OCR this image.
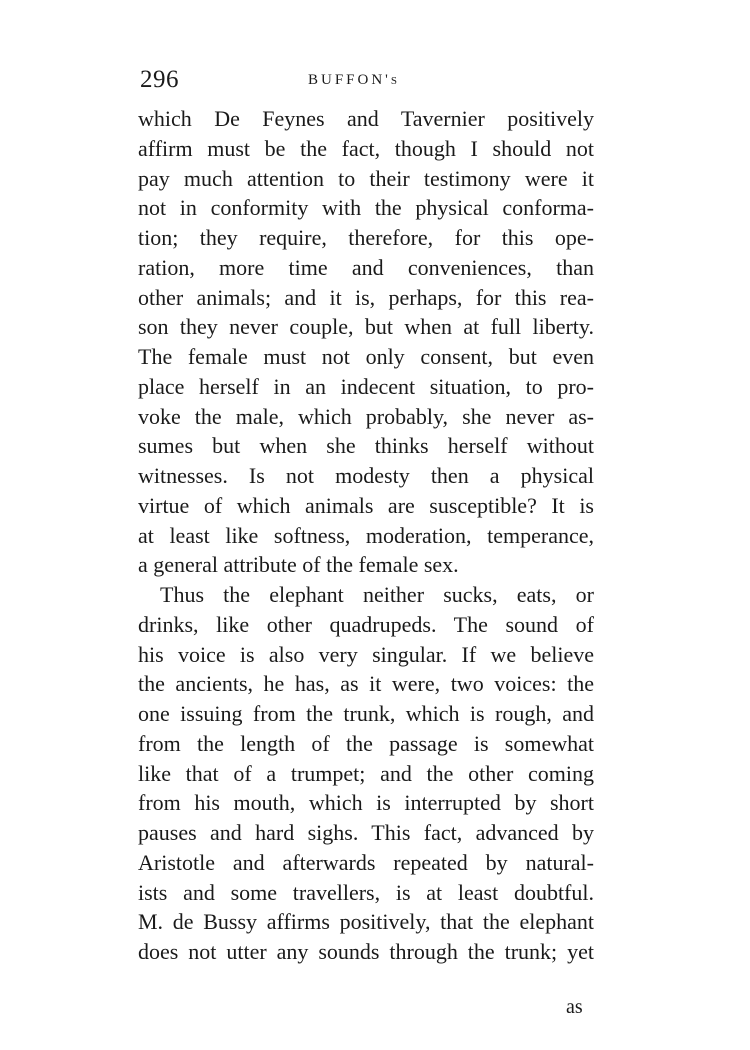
296	BUFFON's
which De Feynes and Tavernier positively
affirm must be the fact, though I should not
pay much attention to their testimony were it
not in conformity with the physical conforma-
tion; they require, therefore, for this ope-
ration, more time and conveniences, than
other animals; and it is, perhaps, for this rea-
son they never couple, but when at full liberty.
The female must not only consent, but even
place herself in an indecent situation, to pro-
voke the male, which probably, she never as-
sumes but when she thinks herself without
witnesses. Is not modesty then a physical
virtue of which animals are susceptible? It is
at least like softness, moderation, temperance,
a general attribute of the female sex.
Thus the elephant neither sucks, eats, or
drinks, like other quadrupeds. The sound of
his voice is also very singular. If we believe
the ancients, he has, as it were, two voices: the
one issuing from the trunk, which is rough, and
from the length of the passage is somewhat
like that of a trumpet; and the other coming
from his mouth, which is interrupted by short
pauses and hard sighs. This fact, advanced by
Aristotle and afterwards repeated by natural-
ists and some travellers, is at least doubtful.
M. de Bussy affirms positively, that the elephant
does not utter any sounds through the trunk; yet
as
